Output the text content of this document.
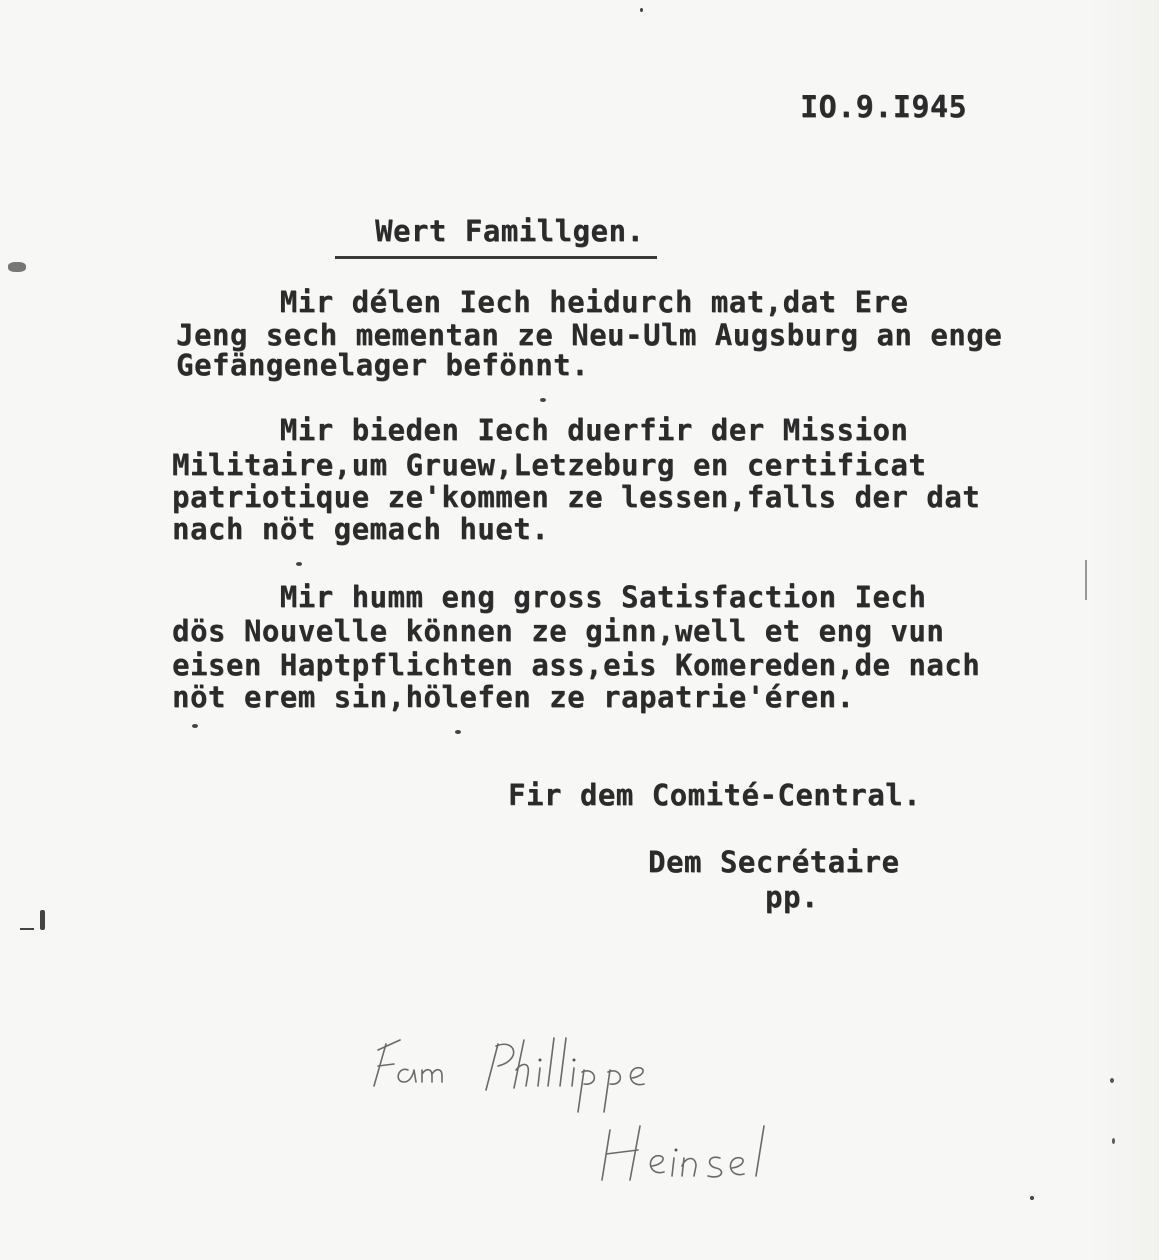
IO.9.I945
Wert Famillgen.
Mir délen Iech heidurch mat,dat Ere
Jeng sech mementan ze Neu-Ulm Augsburg an enge
Gefängenelager befönnt.
Mir bieden Iech duerfir der Mission
Militaire,um Gruew,Letzeburg en certificat
patriotique ze'kommen ze lessen,falls der dat
nach nöt gemach huet.
Mir humm eng gross Satisfaction Iech
dös Nouvelle können ze ginn,well et eng vun
eisen Haptpflichten ass,eis Komereden,de nach
nöt erem sin,hölefen ze rapatrie'éren.
Fir dem Comité-Central.
Dem Secrétaire
pp.
